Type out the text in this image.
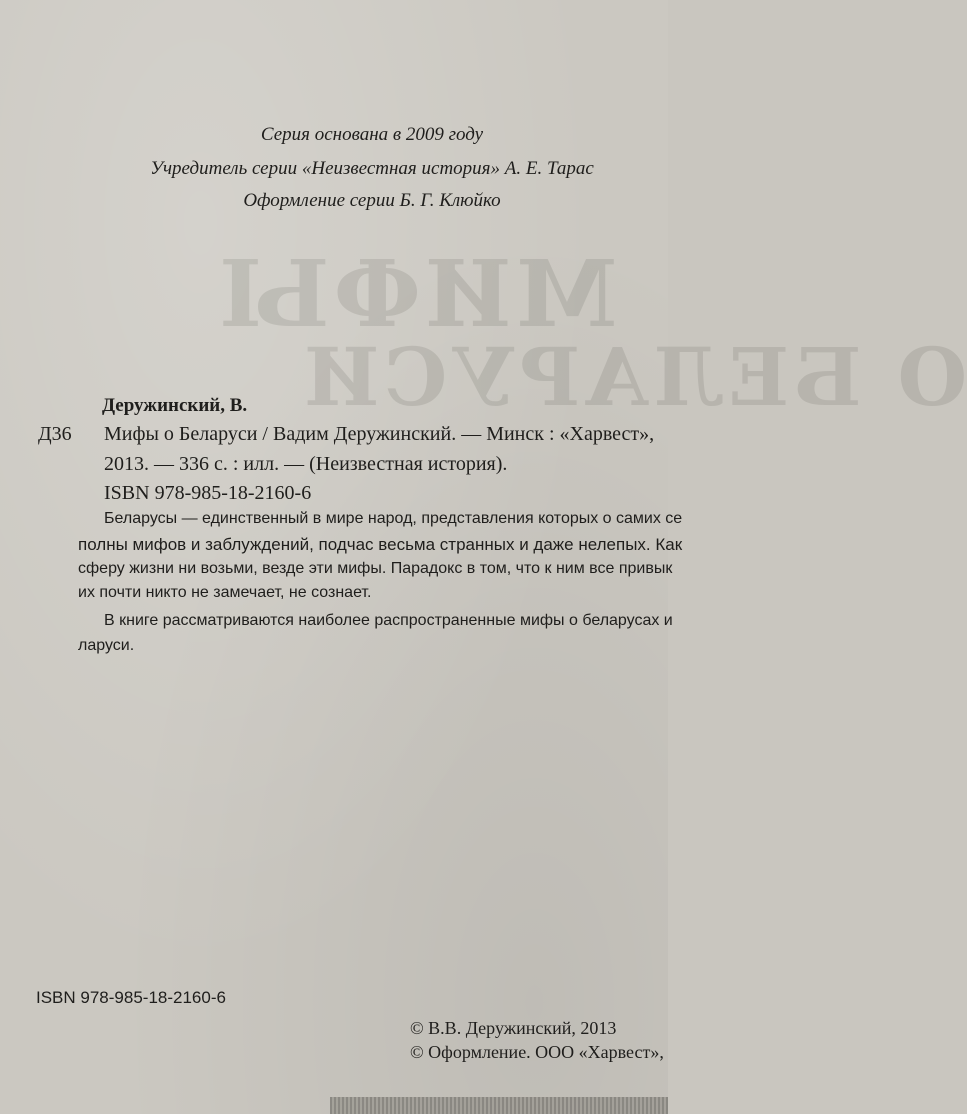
МИФЫ
О БЕЛАРУСИ
Серия основана в 2009 году
Учредитель серии «Неизвестная история» А. Е. Тарас
Оформление серии Б. Г. Клюйко
Деружинский, В.
Д36 Мифы о Беларуси / Вадим Деружинский. — Минск : «Харвест»,
2013. — 336 с. : илл. — (Неизвестная история).
ISBN 978-985-18-2160-6
Беларусы — единственный в мире народ, представления которых о самих се
полны мифов и заблуждений, подчас весьма странных и даже нелепых. Как
сферу жизни ни возьми, везде эти мифы. Парадокс в том, что к ним все привык
их почти никто не замечает, не сознает.
В книге рассматриваются наиболее распространенные мифы о беларусах и
ларуси.
ISBN 978-985-18-2160-6
© В.В. Деружинский, 2013
© Оформление. ООО «Харвест»,
